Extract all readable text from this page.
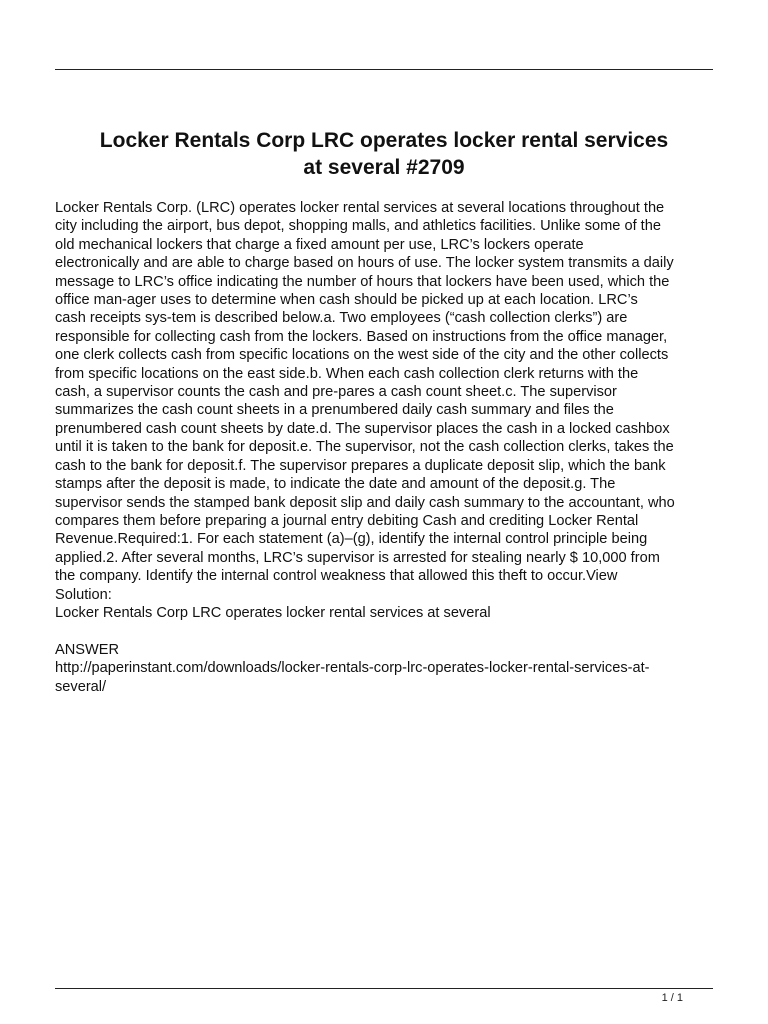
Locker Rentals Corp LRC operates locker rental services
at several #2709

Locker Rentals Corp. (LRC) operates locker rental services at several locations throughout the

city including the airport, bus depot, shopping malls, and athletics facilities. Unlike some of the

old mechanical lockers that charge a fixed amount per use, LRC’s lockers operate

electronically and are able to charge based on hours of use. The locker system transmits a daily

message to LRC’s office indicating the number of hours that lockers have been used, which the

office man-ager uses to determine when cash should be picked up at each location. LRC’s

cash receipts sys-tem is described below.a. Two employees (“cash collection clerks”) are

responsible for collecting cash from the lockers. Based on instructions from the office manager,

one clerk collects cash from specific locations on the west side of the city and the other collects

from specific locations on the east side.b. When each cash collection clerk returns with the

cash, a supervisor counts the cash and pre-pares a cash count sheet.c. The supervisor

summarizes the cash count sheets in a prenumbered daily cash summary and files the

prenumbered cash count sheets by date.d. The supervisor places the cash in a locked cashbox

until it is taken to the bank for deposit.e. The supervisor, not the cash collection clerks, takes the

cash to the bank for deposit.f. The supervisor prepares a duplicate deposit slip, which the bank

stamps after the deposit is made, to indicate the date and amount of the deposit.g. The

supervisor sends the stamped bank deposit slip and daily cash summary to the accountant, who

compares them before preparing a journal entry debiting Cash and crediting Locker Rental

Revenue.Required:1. For each statement (a)–(g), identify the internal control principle being

applied.2. After several months, LRC’s supervisor is arrested for stealing nearly $ 10,000 from

the company. Identify the internal control weakness that allowed this theft to occur.View

Solution:

Locker Rentals Corp LRC operates locker rental services at several

ANSWER

http://paperinstant.com/downloads/locker-rentals-corp-lrc-operates-locker-rental-services-at-

several/

1 / 1
